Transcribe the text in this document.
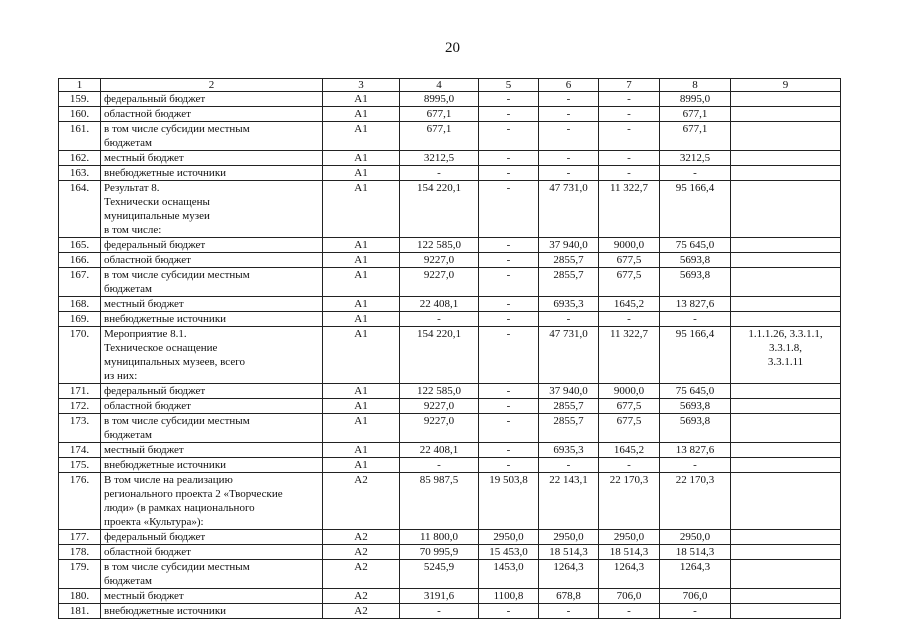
20
1	2	3	4	5	6	7	8	9
159.	федеральный бюджет	А1	8995,0	-	-	-	8995,0	
160.	областной бюджет	А1	677,1	-	-	-	677,1	
161.	в том числе субсидии местным
бюджетам	А1	677,1	-	-	-	677,1	
162.	местный бюджет	А1	3212,5	-	-	-	3212,5	
163.	внебюджетные источники	А1	-	-	-	-	-	
164.	Результат 8.
Технически оснащены
муниципальные музеи
в том числе:	А1	154 220,1	-	47 731,0	11 322,7	95 166,4	
165.	федеральный бюджет	А1	122 585,0	-	37 940,0	9000,0	75 645,0	
166.	областной бюджет	А1	9227,0	-	2855,7	677,5	5693,8	
167.	в том числе субсидии местным
бюджетам	А1	9227,0	-	2855,7	677,5	5693,8	
168.	местный бюджет	А1	22 408,1	-	6935,3	1645,2	13 827,6	
169.	внебюджетные источники	А1	-	-	-	-	-	
170.	Мероприятие 8.1.
Техническое оснащение
муниципальных музеев, всего
из них:	А1	154 220,1	-	47 731,0	11 322,7	95 166,4	1.1.1.26, 3.3.1.1, 3.3.1.8,
3.3.1.11
171.	федеральный бюджет	А1	122 585,0	-	37 940,0	9000,0	75 645,0	
172.	областной бюджет	А1	9227,0	-	2855,7	677,5	5693,8	
173.	в том числе субсидии местным
бюджетам	А1	9227,0	-	2855,7	677,5	5693,8	
174.	местный бюджет	А1	22 408,1	-	6935,3	1645,2	13 827,6	
175.	внебюджетные источники	А1	-	-	-	-	-	
176.	В том числе на реализацию
регионального проекта 2 «Творческие
люди» (в рамках национального
проекта «Культура»):	А2	85 987,5	19 503,8	22 143,1	22 170,3	22 170,3	
177.	федеральный бюджет	А2	11 800,0	2950,0	2950,0	2950,0	2950,0	
178.	областной бюджет	А2	70 995,9	15 453,0	18 514,3	18 514,3	18 514,3	
179.	в том числе субсидии местным
бюджетам	А2	5245,9	1453,0	1264,3	1264,3	1264,3	
180.	местный бюджет	А2	3191,6	1100,8	678,8	706,0	706,0	
181.	внебюджетные источники	А2	-	-	-	-	-	
